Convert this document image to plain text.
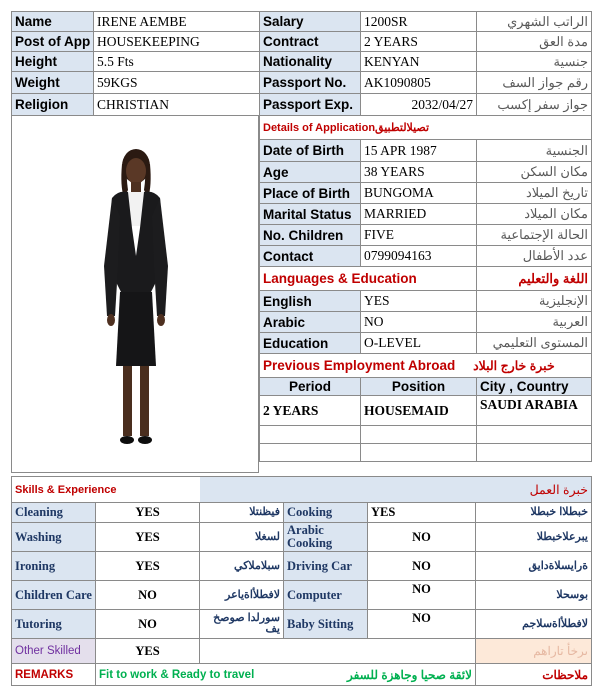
Name	IRENE AEMBE	Salary	1200SR	الراتب الشهري
Post of App	HOUSEKEEPING	Contract	2 YEARS	مدة العق
Height	5.5 Fts	Nationality	KENYAN	جنسية
Weight	59KGS	Passport No.	AK1090805	رقم جواز السف
Religion	CHRISTIAN	Passport Exp.	2032/04/27	جواز سفر إكسب
Details of Applicationتصيلالتطبيق		
Date of Birth	15 APR 1987	الجنسية
Age	38 YEARS	مكان السكن
Place of Birth	BUNGOMA	تاريخ الميلاد
Marital Status	MARRIED	مكان الميلاد
No. Children	FIVE	الحالة الإجتماعية
Contact	0799094163	عدد الأطفال
Languages & Education		اللغة والتعليم
English	YES	الإنجليزية
Arabic	NO	العربية
Education	O-LEVEL	المستوى التعليمي
Previous Employment Abroad خبرة خارج البلاد		
Period	Position	City , Country
2 YEARS	HOUSEMAID	SAUDI ARABIA

Skills & Experience		خبرة العمل			
Cleaning	YES	فيظنتلا	Cooking	YES	خبطلاا خبطلا
Washing	YES	لسغلا	Arabic Cooking	NO	يبرعلاخبطلا
Ironing	YES	سبلاملاكي	Driving Car	NO	ةرايسلاةدايق
Children Care	NO	لافطلأاةياعر	Computer	NO	بوسحلا
Tutoring	NO	سورلدا صوصخ يف	Baby Sitting	NO	لافطلأاةسلاجم
Other Skilled	YES				ىرخأ تاراهم
REMARKS	Fit to work & Ready to travel		لائقة صحيا وجاهزة للسفر		ملاحظات
